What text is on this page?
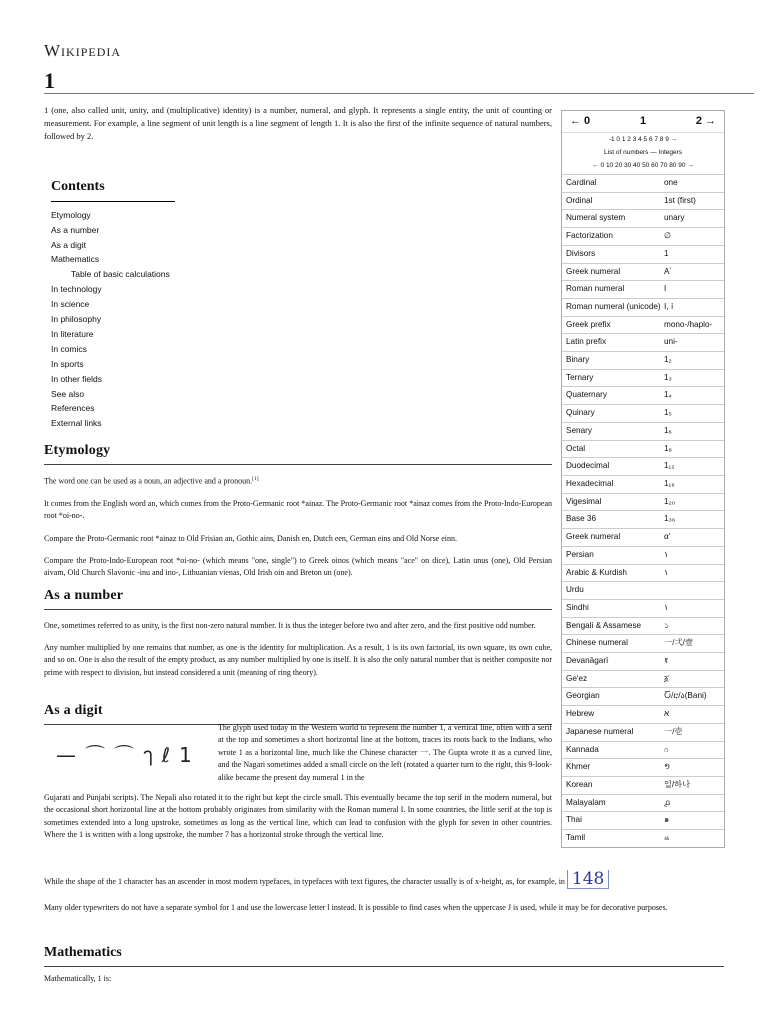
Wikipedia
1

1 (one, also called unit, unity, and (multiplicative) identity) is a number, numeral, and glyph. It represents a single entity, the unit of counting or measurement. For example, a line segment of unit length is a line segment of length 1. It is also the first of the infinite sequence of natural numbers, followed by 2.

Contents
Etymology
As a number
As a digit
Mathematics
Table of basic calculations
In technology
In science
In philosophy
In literature
In comics
In sports
In other fields
See also
References
External links
Etymology

The word one can be used as a noun, an adjective and a pronoun.[1]

It comes from the English word an, which comes from the Proto-Germanic root *ainaz. The Proto-Germanic root *ainaz comes from the Proto-Indo-European root *oi-no-.

Compare the Proto-Germanic root *ainaz to Old Frisian an, Gothic ains, Danish en, Dutch een, German eins and Old Norse einn.

Compare the Proto-Indo-European root *oi-no- (which means "one, single") to Greek oinos (which means "ace" on dice), Latin unus (one), Old Persian aivam, Old Church Slavonic -inu and ino-, Lithuanian vienas, Old Irish oin and Breton un (one).

As a number

One, sometimes referred to as unity, is the first non-zero natural number. It is thus the integer before two and after zero, and the first positive odd number.

Any number multiplied by one remains that number, as one is the identity for multiplication. As a result, 1 is its own factorial, its own square, its own cube, and so on. One is also the result of the empty product, as any number multiplied by one is itself. It is also the only natural number that is neither composite nor prime with respect to division, but instead considered a unit (meaning of ring theory).

As a digit
— ⌒ ⌒ ๅ ℓ 1

The glyph used today in the Western world to represent the number 1, a vertical line, often with a serif at the top and sometimes a short horizontal line at the bottom, traces its roots back to the Indians, who wrote 1 as a horizontal line, much like the Chinese character 一. The Gupta wrote it as a curved line, and the Nagari sometimes added a small circle on the left (rotated a quarter turn to the right, this 9-look-alike became the present day numeral 1 in the

Gujarati and Punjabi scripts). The Nepali also rotated it to the right but kept the circle small. This eventually became the top serif in the modern numeral, but the occasional short horizontal line at the bottom probably originates from similarity with the Roman numeral I. In some countries, the little serif at the top is sometimes extended into a long upstroke, sometimes as long as the vertical line, which can lead to confusion with the glyph for seven in other countries. Where the 1 is written with a long upstroke, the number 7 has a horizontal stroke through the vertical line.

While the shape of the 1 character has an ascender in most modern typefaces, in typefaces with text figures, the character usually is of x-height, as, for example, in 148

Many older typewriters do not have a separate symbol for 1 and use the lowercase letter l instead. It is possible to find cases when the uppercase J is used, while it may be for decorative purposes.

Mathematics

Mathematically, 1 is:

← 0	1	2 →
-1 0 1 2 3 4 5 6 7 8 9 →
List of numbers — Integers
← 0 10 20 30 40 50 60 70 80 90 →
Cardinal	one
Ordinal	1st (first)
Numeral system	unary
Factorization	∅
Divisors	1
Greek numeral	Α´
Roman numeral	I
Roman numeral (unicode) Ⅰ, ⅰ
Greek prefix	mono-/haplo-
Latin prefix	uni-
Binary	1₂
Ternary	1₃
Quaternary	1₄
Quinary	1₅
Senary	1₆
Octal	1₈
Duodecimal	1₁₂
Hexadecimal	1₁₆
Vigesimal	1₂₀
Base 36	1₃₆
Greek numeral	α'
Persian	١
Arabic & Kurdish	١
Urdu
Sindhi	١
Bengali & Assamese	১
Chinese numeral	一/弌/壹
Devanāgarī	१
Ge'ez	፩
Georgian	Ⴀ/ⴀ/ა(Bani)
Hebrew	א
Japanese numeral	一/壱
Kannada	೧
Khmer	១
Korean	일/하나
Malayalam	൧
Thai	๑
Tamil	௧
